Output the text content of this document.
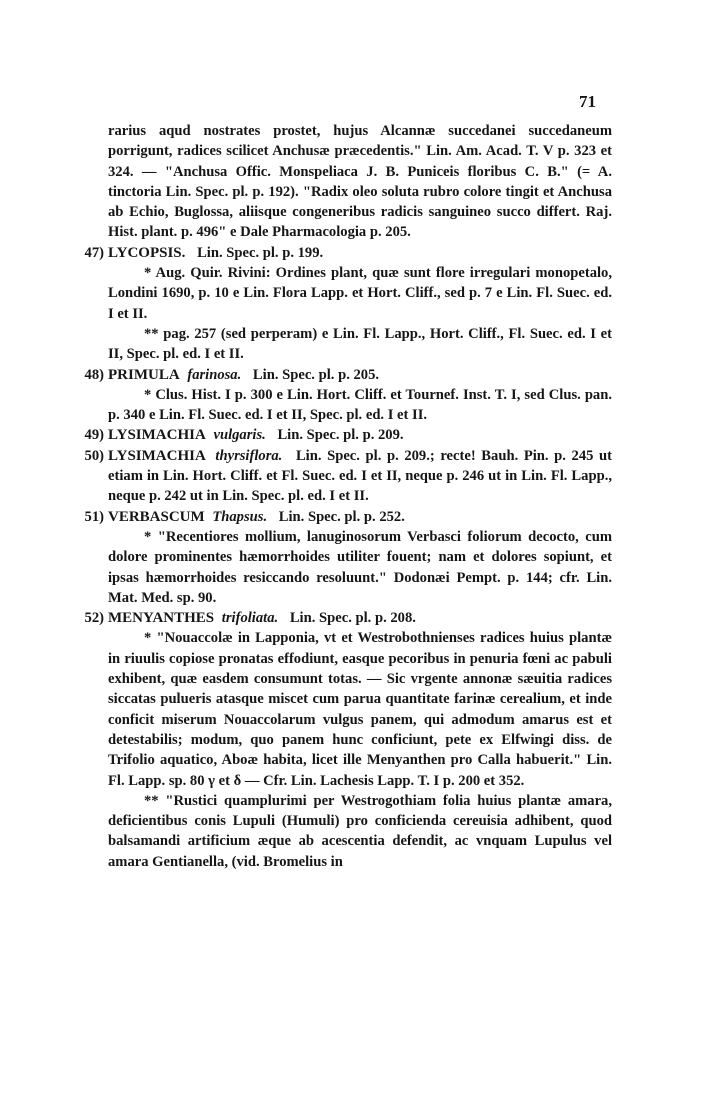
71

rarius aqud nostrates prostet, hujus Alcannæ succedanei succedaneum porrigunt, radices scilicet Anchusæ præcedentis." Lin. Am. Acad. T. V p. 323 et 324. — "Anchusa Offic. Monspeliaca J. B. Puniceis floribus C. B." (= A. tinctoria Lin. Spec. pl. p. 192). "Radix oleo soluta rubro colore tingit et Anchusa ab Echio, Buglossa, aliisque congeneribus radicis sanguineo succo differt. Raj. Hist. plant. p. 496" e Dale Pharmacologia p. 205.

47) LYCOPSIS. Lin. Spec. pl. p. 199.

* Aug. Quir. Rivini: Ordines plant, quæ sunt flore irregulari monopetalo, Londini 1690, p. 10 e Lin. Flora Lapp. et Hort. Cliff., sed p. 7 e Lin. Fl. Suec. ed. I et II.

** pag. 257 (sed perperam) e Lin. Fl. Lapp., Hort. Cliff., Fl. Suec. ed. I et II, Spec. pl. ed. I et II.

48) PRIMULA farinosa. Lin. Spec. pl. p. 205.

* Clus. Hist. I p. 300 e Lin. Hort. Cliff. et Tournef. Inst. T. I, sed Clus. pan. p. 340 e Lin. Fl. Suec. ed. I et II, Spec. pl. ed. I et II.

49) LYSIMACHIA vulgaris. Lin. Spec. pl. p. 209.
50) LYSIMACHIA thyrsiflora. Lin. Spec. pl. p. 209.; recte! Bauh. Pin. p. 245 ut etiam in Lin. Hort. Cliff. et Fl. Suec. ed. I et II, neque p. 246 ut in Lin. Fl. Lapp., neque p. 242 ut in Lin. Spec. pl. ed. I et II.
51) VERBASCUM Thapsus. Lin. Spec. pl. p. 252.

* "Recentiores mollium, lanuginosorum Verbasci foliorum decocto, cum dolore prominentes hæmorrhoides utiliter fouent; nam et dolores sopiunt, et ipsas hæmorrhoides resiccando resoluunt." Dodonæi Pempt. p. 144; cfr. Lin. Mat. Med. sp. 90.

52) MENYANTHES trifoliata. Lin. Spec. pl. p. 208.

* "Nouaccolæ in Lapponia, vt et Westrobothnienses radices huius plantæ in riuulis copiose pronatas effodiunt, easque pecoribus in penuria fœni ac pabuli exhibent, quæ easdem consumunt totas. — Sic vrgente annonæ sæuitia radices siccatas pulueris atasque miscet cum parua quantitate farinæ cerealium, et inde conficit miserum Nouaccolarum vulgus panem, qui admodum amarus est et detestabilis; modum, quo panem hunc conficiunt, pete ex Elfwingi diss. de Trifolio aquatico, Aboæ habita, licet ille Menyanthen pro Calla habuerit." Lin. Fl. Lapp. sp. 80 γ et δ — Cfr. Lin. Lachesis Lapp. T. I p. 200 et 352.

** "Rustici quamplurimi per Westrogothiam folia huius plantæ amara, deficientibus conis Lupuli (Humuli) pro conficienda cereuisia adhibent, quod balsamandi artificium æque ab acescentia defendit, ac vnquam Lupulus vel amara Gentianella, (vid. Bromelius in
